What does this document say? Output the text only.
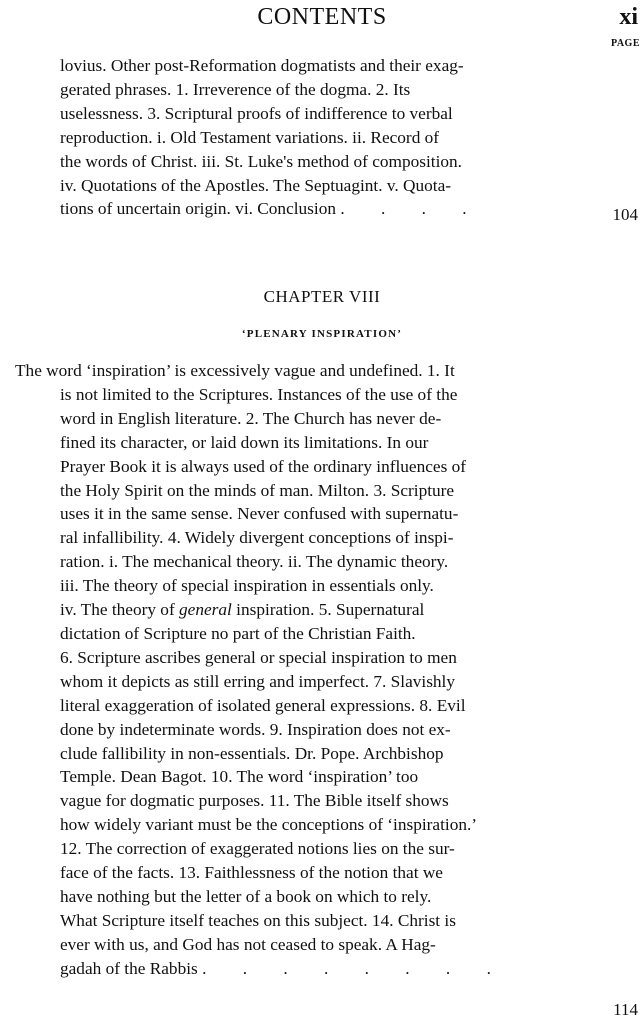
CONTENTS	xi
PAGE
lovius. Other post-Reformation dogmatists and their exag-
gerated phrases. 1. Irreverence of the dogma. 2. Its
uselessness. 3. Scriptural proofs of indifference to verbal
reproduction. i. Old Testament variations. ii. Record of
the words of Christ. iii. St. Luke's method of composition.
iv. Quotations of the Apostles. The Septuagint. v. Quota-
tions of uncertain origin. vi. Conclusion . . . .	104
CHAPTER VIII
‘PLENARY INSPIRATION’
The word ‘inspiration’ is excessively vague and undefined. 1. It
is not limited to the Scriptures. Instances of the use of the
word in English literature. 2. The Church has never de-
fined its character, or laid down its limitations. In our
Prayer Book it is always used of the ordinary influences of
the Holy Spirit on the minds of man. Milton. 3. Scripture
uses it in the same sense. Never confused with supernatu-
ral infallibility. 4. Widely divergent conceptions of inspi-
ration. i. The mechanical theory. ii. The dynamic theory.
iii. The theory of special inspiration in essentials only.
iv. The theory of general inspiration. 5. Supernatural
dictation of Scripture no part of the Christian Faith.
6. Scripture ascribes general or special inspiration to men
whom it depicts as still erring and imperfect. 7. Slavishly
literal exaggeration of isolated general expressions. 8. Evil
done by indeterminate words. 9. Inspiration does not ex-
clude fallibility in non-essentials. Dr. Pope. Archbishop
Temple. Dean Bagot. 10. The word ‘inspiration’ too
vague for dogmatic purposes. 11. The Bible itself shows
how widely variant must be the conceptions of ‘inspiration.’
12. The correction of exaggerated notions lies on the sur-
face of the facts. 13. Faithlessness of the notion that we
have nothing but the letter of a book on which to rely.
What Scripture itself teaches on this subject. 14. Christ is
ever with us, and God has not ceased to speak. A Hag-
gadah of the Rabbis . . . . . . . .
114
